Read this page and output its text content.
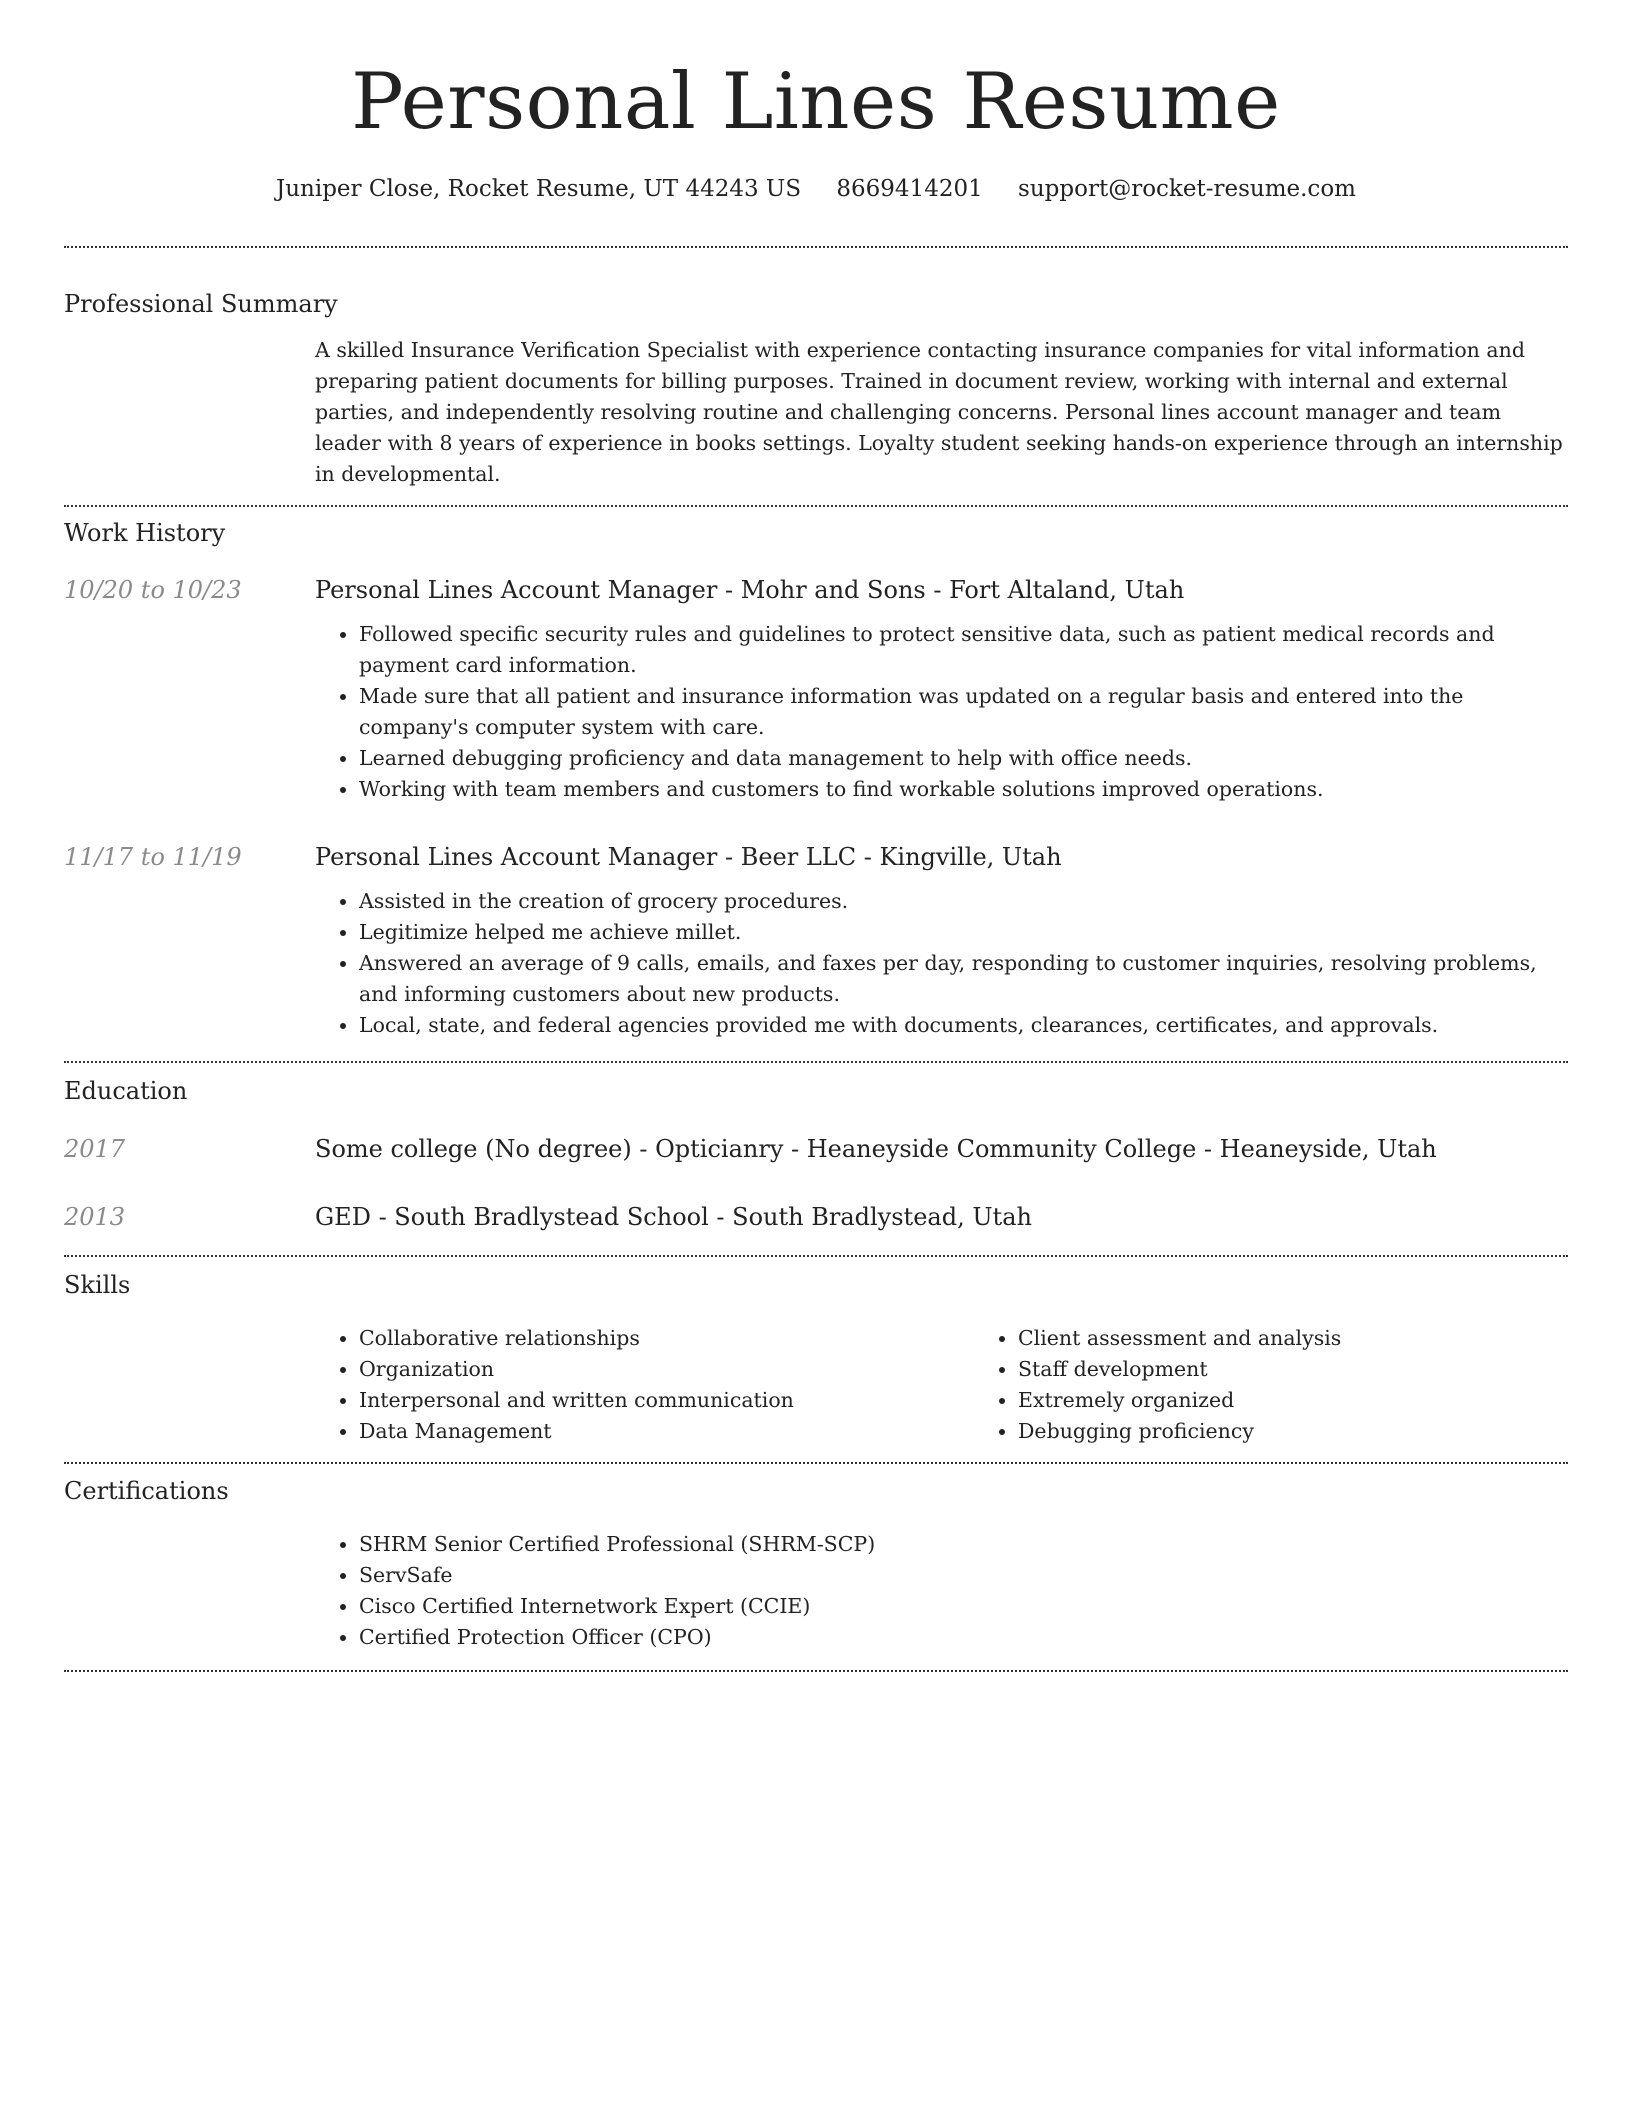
Personal Lines Resume
Juniper Close, Rocket Resume, UT 44243 US 8669414201 support@rocket-resume.com
Professional Summary

A skilled Insurance Verification Specialist with experience contacting insurance companies for vital information and preparing patient documents for billing purposes. Trained in document review, working with internal and external parties, and independently resolving routine and challenging concerns. Personal lines account manager and team leader with 8 years of experience in books settings. Loyalty student seeking hands-on experience through an internship in developmental.

Work History
10/20 to 10/23	Personal Lines Account Manager - Mohr and Sons - Fort Altaland, Utah
• Followed specific security rules and guidelines to protect sensitive data, such as patient medical records and payment card information.
• Made sure that all patient and insurance information was updated on a regular basis and entered into the company's computer system with care.
• Learned debugging proficiency and data management to help with office needs.
• Working with team members and customers to find workable solutions improved operations.
11/17 to 11/19	Personal Lines Account Manager - Beer LLC - Kingville, Utah
• Assisted in the creation of grocery procedures.
• Legitimize helped me achieve millet.
• Answered an average of 9 calls, emails, and faxes per day, responding to customer inquiries, resolving problems, and informing customers about new products.
• Local, state, and federal agencies provided me with documents, clearances, certificates, and approvals.
Education
2017	Some college (No degree) - Opticianry - Heaneyside Community College - Heaneyside, Utah
2013	GED - South Bradlystead School - South Bradlystead, Utah
Skills
• Collaborative relationships
• Organization
• Interpersonal and written communication
• Data Management
• Client assessment and analysis
• Staff development
• Extremely organized
• Debugging proficiency
Certifications
• SHRM Senior Certified Professional (SHRM-SCP)
• ServSafe
• Cisco Certified Internetwork Expert (CCIE)
• Certified Protection Officer (CPO)
